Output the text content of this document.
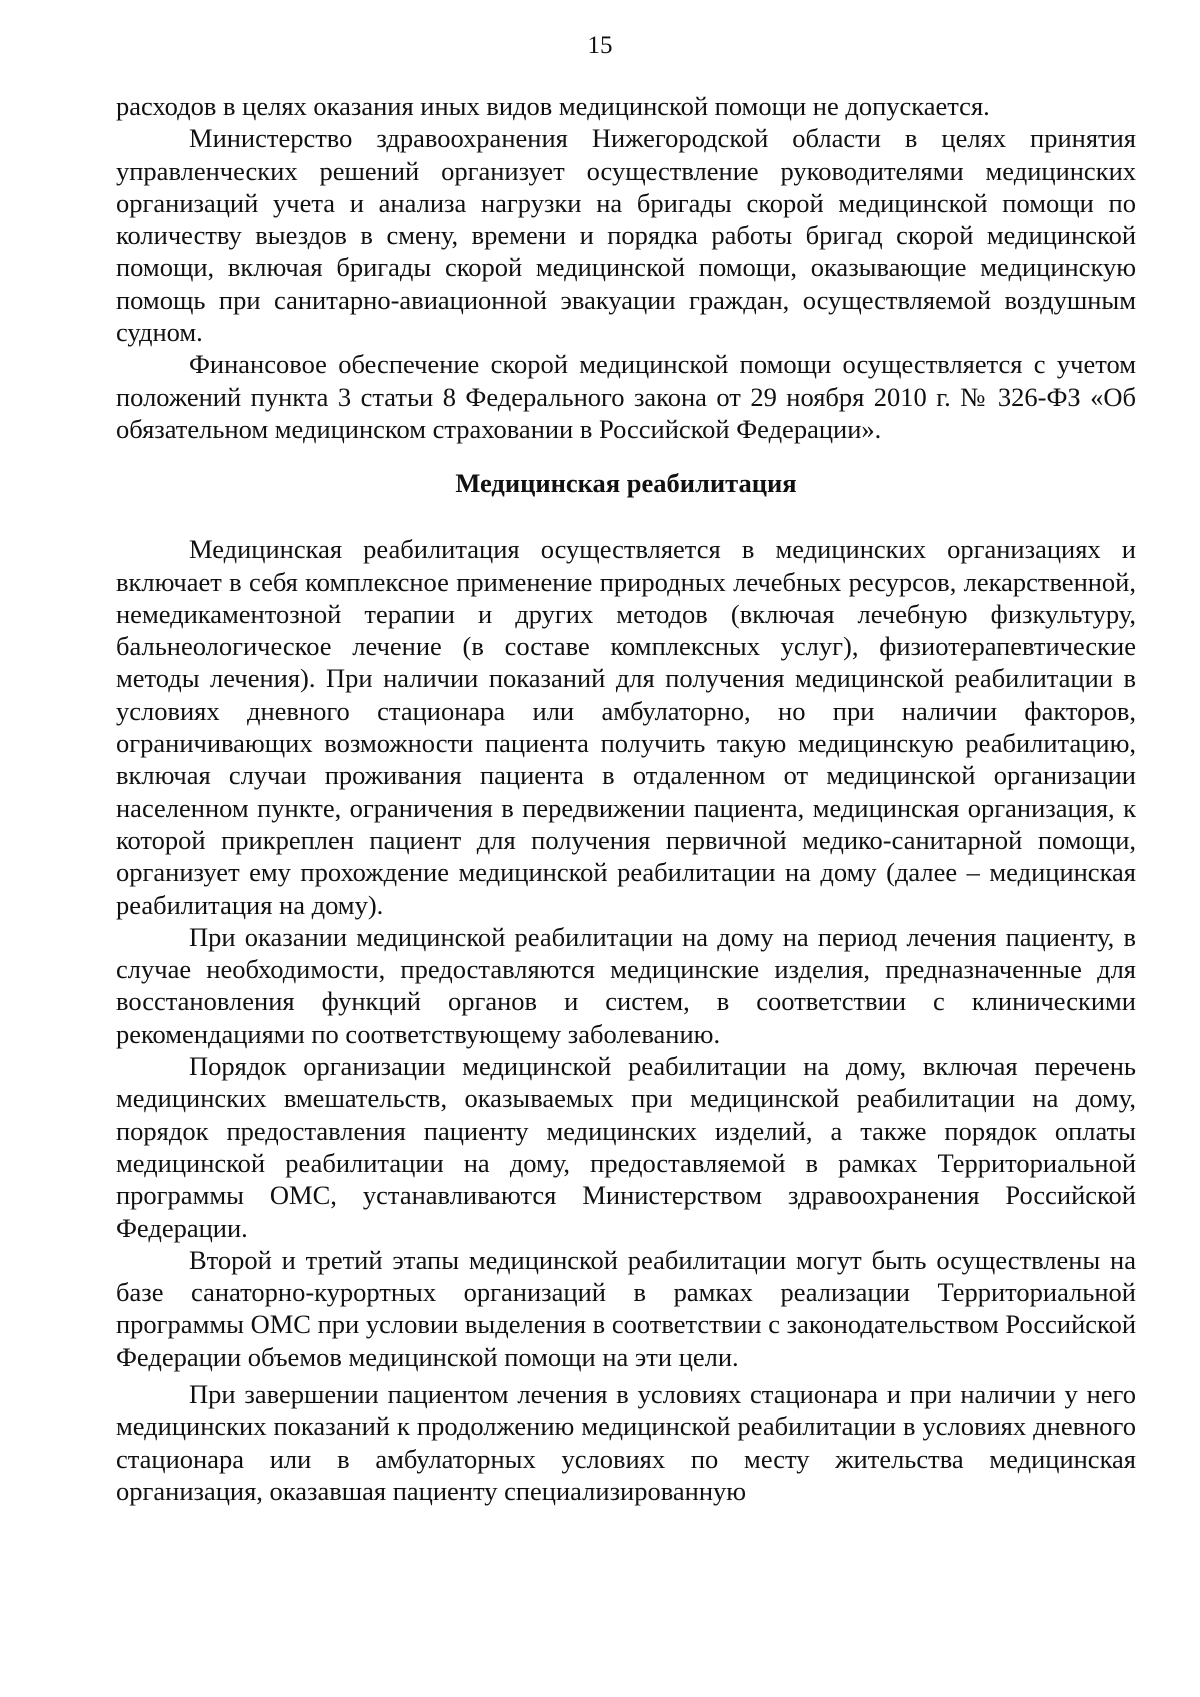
15

расходов в целях оказания иных видов медицинской помощи не допускается.

Министерство здравоохранения Нижегородской области в целях принятия управленческих решений организует осуществление руководителями медицинских организаций учета и анализа нагрузки на бригады скорой медицинской помощи по количеству выездов в смену, времени и порядка работы бригад скорой медицинской помощи, включая бригады скорой медицинской помощи, оказывающие медицинскую помощь при санитарно-авиационной эвакуации граждан, осуществляемой воздушным судном.

Финансовое обеспечение скорой медицинской помощи осуществляется с учетом положений пункта 3 статьи 8 Федерального закона от 29 ноября 2010 г. № 326-ФЗ «Об обязательном медицинском страховании в Российской Федерации».

Медицинская реабилитация

Медицинская реабилитация осуществляется в медицинских организациях и включает в себя комплексное применение природных лечебных ресурсов, лекарственной, немедикаментозной терапии и других методов (включая лечебную физкультуру, бальнеологическое лечение (в составе комплексных услуг), физиотерапевтические методы лечения). При наличии показаний для получения медицинской реабилитации в условиях дневного стационара или амбулаторно, но при наличии факторов, ограничивающих возможности пациента получить такую медицинскую реабилитацию, включая случаи проживания пациента в отдаленном от медицинской организации населенном пункте, ограничения в передвижении пациента, медицинская организация, к которой прикреплен пациент для получения первичной медико-санитарной помощи, организует ему прохождение медицинской реабилитации на дому (далее – медицинская реабилитация на дому).

При оказании медицинской реабилитации на дому на период лечения пациенту, в случае необходимости, предоставляются медицинские изделия, предназначенные для восстановления функций органов и систем, в соответствии с клиническими рекомендациями по соответствующему заболеванию.

Порядок организации медицинской реабилитации на дому, включая перечень медицинских вмешательств, оказываемых при медицинской реабилитации на дому, порядок предоставления пациенту медицинских изделий, а также порядок оплаты медицинской реабилитации на дому, предоставляемой в рамках Территориальной программы ОМС, устанавливаются Министерством здравоохранения Российской Федерации.

Второй и третий этапы медицинской реабилитации могут быть осуществлены на базе санаторно-курортных организаций в рамках реализации Территориальной программы ОМС при условии выделения в соответствии с законодательством Российской Федерации объемов медицинской помощи на эти цели.

При завершении пациентом лечения в условиях стационара и при наличии у него медицинских показаний к продолжению медицинской реабилитации в условиях дневного стационара или в амбулаторных условиях по месту жительства медицинская организация, оказавшая пациенту специализированную
